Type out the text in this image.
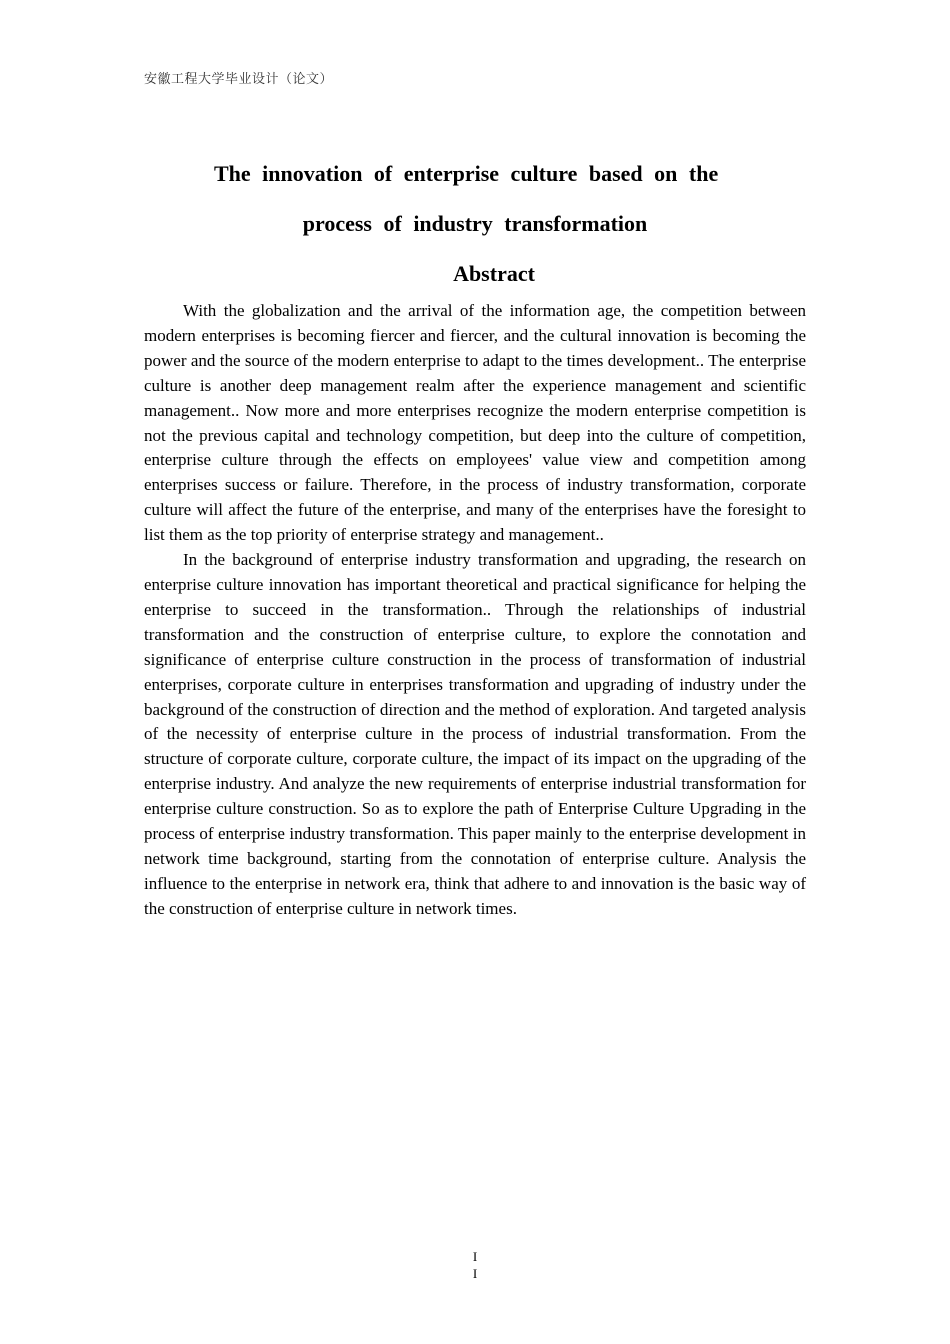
安徽工程大学毕业设计（论文）
The innovation of enterprise culture based on the
process of industry transformation
Abstract

With the globalization and the arrival of the information age, the competition between modern enterprises is becoming fiercer and fiercer, and the cultural innovation is becoming the power and the source of the modern enterprise to adapt to the times development.. The enterprise culture is another deep management realm after the experience management and scientific management.. Now more and more enterprises recognize the modern enterprise competition is not the previous capital and technology competition, but deep into the culture of competition, enterprise culture through the effects on employees' value view and competition among enterprises success or failure. Therefore, in the process of industry transformation, corporate culture will affect the future of the enterprise, and many of the enterprises have the foresight to list them as the top priority of enterprise strategy and management..

In the background of enterprise industry transformation and upgrading, the research on enterprise culture innovation has important theoretical and practical significance for helping the enterprise to succeed in the transformation.. Through the relationships of industrial transformation and the construction of enterprise culture, to explore the connotation and significance of enterprise culture construction in the process of transformation of industrial enterprises, corporate culture in enterprises transformation and upgrading of industry under the background of the construction of direction and the method of exploration. And targeted analysis of the necessity of enterprise culture in the process of industrial transformation. From the structure of corporate culture, corporate culture, the impact of its impact on the upgrading of the enterprise industry. And analyze the new requirements of enterprise industrial transformation for enterprise culture construction. So as to explore the path of Enterprise Culture Upgrading in the process of enterprise industry transformation. This paper mainly to the enterprise development in network time background, starting from the connotation of enterprise culture. Analysis the influence to the enterprise in network era, think that adhere to and innovation is the basic way of the construction of enterprise culture in network times.

I
I
